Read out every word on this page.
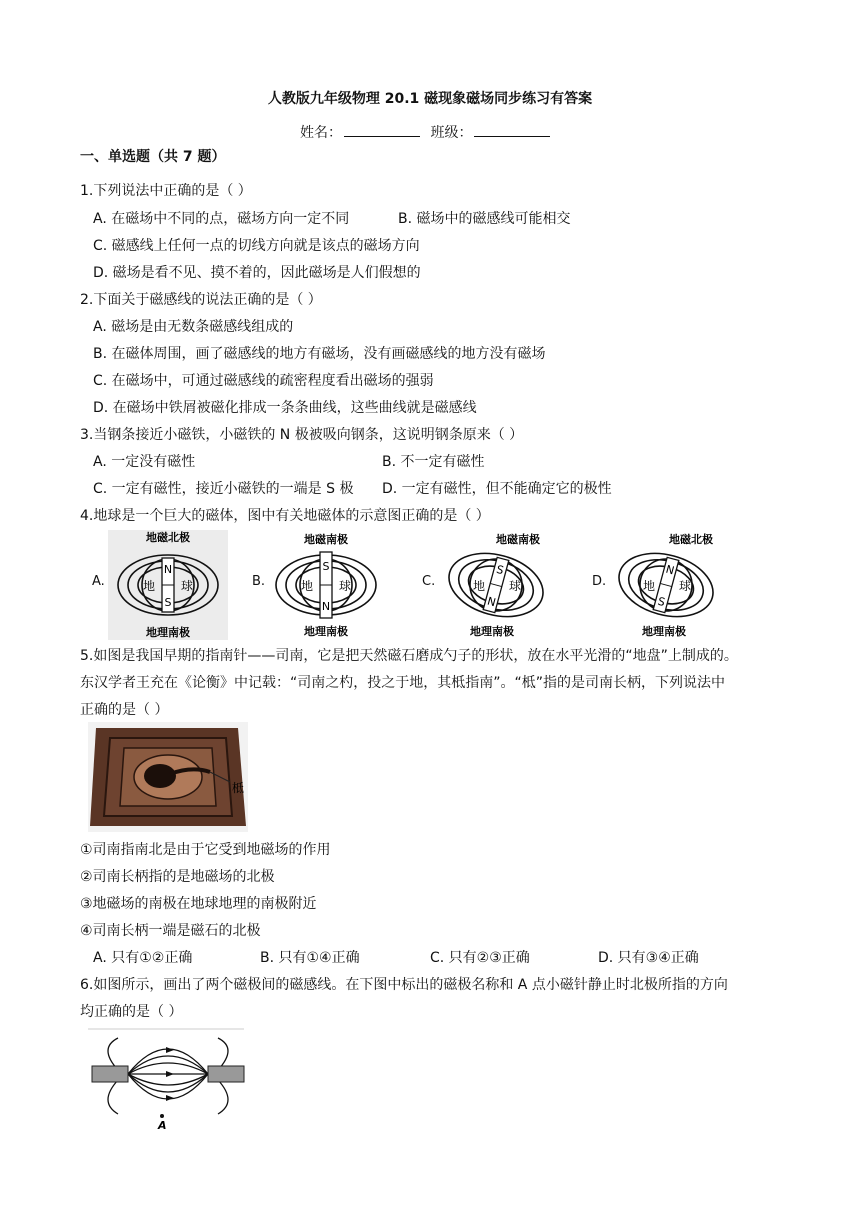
人教版九年级物理 20.1 磁现象磁场同步练习有答案
姓名：	班级：
一、单选题（共 7 题）
1.下列说法中正确的是（ ）
A. 在磁场中不同的点，磁场方向一定不同	B. 磁场中的磁感线可能相交
C. 磁感线上任何一点的切线方向就是该点的磁场方向
D. 磁场是看不见、摸不着的，因此磁场是人们假想的
2.下面关于磁感线的说法正确的是（ ）
A. 磁场是由无数条磁感线组成的
B. 在磁体周围，画了磁感线的地方有磁场，没有画磁感线的地方没有磁场
C. 在磁场中，可通过磁感线的疏密程度看出磁场的强弱
D. 在磁场中铁屑被磁化排成一条条曲线，这些曲线就是磁感线
3.当钢条接近小磁铁，小磁铁的 N 极被吸向钢条，这说明钢条原来（ ）
A. 一定没有磁性	B. 不一定有磁性
C. 一定有磁性，接近小磁铁的一端是 S 极 D. 一定有磁性，但不能确定它的极性
4.地球是一个巨大的磁体，图中有关地磁体的示意图正确的是（ ）
A.
N
S
地 球
地磁北极
地理南极
B.
S
N
地 球
地磁南极
地理南极
C.
S
N
地 球
地磁南极
地理南极
D.
N
S
地 球
地磁北极
地理南极
5.如图是我国早期的指南针——司南，它是把天然磁石磨成勺子的形状，放在水平光滑的“地盘”上制成的。
东汉学者王充在《论衡》中记载：“司南之杓，投之于地，其柢指南”。“柢”指的是司南长柄，下列说法中
正确的是（ ）
柢
①司南指南北是由于它受到地磁场的作用
②司南长柄指的是地磁场的北极
③地磁场的南极在地球地理的南极附近
④司南长柄一端是磁石的北极
A. 只有①②正确	B. 只有①④正确	C. 只有②③正确	D. 只有③④正确
6.如图所示，画出了两个磁极间的磁感线。在下图中标出的磁极名称和 A 点小磁针静止时北极所指的方向
均正确的是（ ）
A
